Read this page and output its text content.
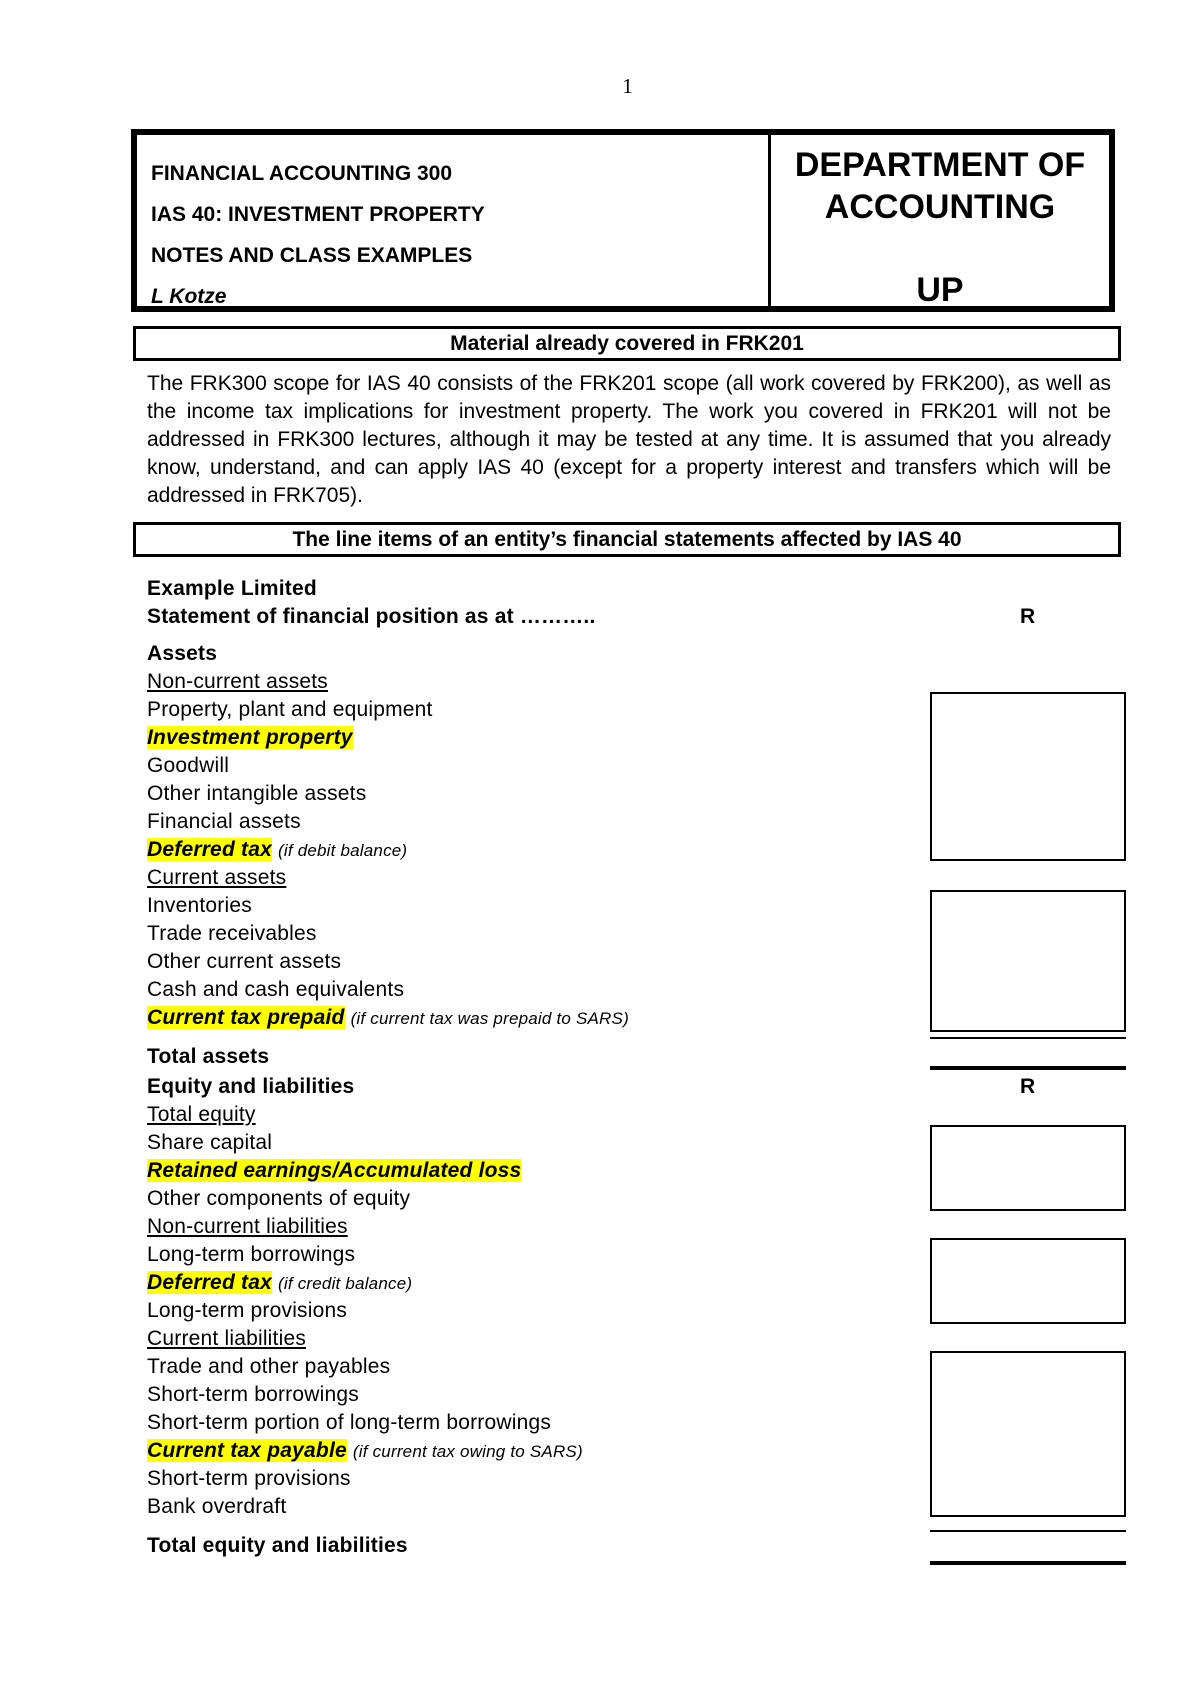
1
FINANCIAL ACCOUNTING 300
IAS 40: INVESTMENT PROPERTY
NOTES AND CLASS EXAMPLES
L Kotze
DEPARTMENT OF
ACCOUNTING
UP
Material already covered in FRK201

The FRK300 scope for IAS 40 consists of the FRK201 scope (all work covered by FRK200), as well as the income tax implications for investment property. The work you covered in FRK201 will not be addressed in FRK300 lectures, although it may be tested at any time. It is assumed that you already know, understand, and can apply IAS 40 (except for a property interest and transfers which will be addressed in FRK705).

The line items of an entity’s financial statements affected by IAS 40
Example Limited
Statement of financial position as at ………..	R
Assets
Non-current assets
Property, plant and equipment
Investment property
Goodwill
Other intangible assets
Financial assets
Deferred tax (if debit balance)
Current assets
Inventories
Trade receivables
Other current assets
Cash and cash equivalents
Current tax prepaid (if current tax was prepaid to SARS)
Total assets
Equity and liabilities	R
Total equity
Share capital
Retained earnings/Accumulated loss
Other components of equity
Non-current liabilities
Long-term borrowings
Deferred tax (if credit balance)
Long-term provisions
Current liabilities
Trade and other payables
Short-term borrowings
Short-term portion of long-term borrowings
Current tax payable (if current tax owing to SARS)
Short-term provisions
Bank overdraft
Total equity and liabilities
